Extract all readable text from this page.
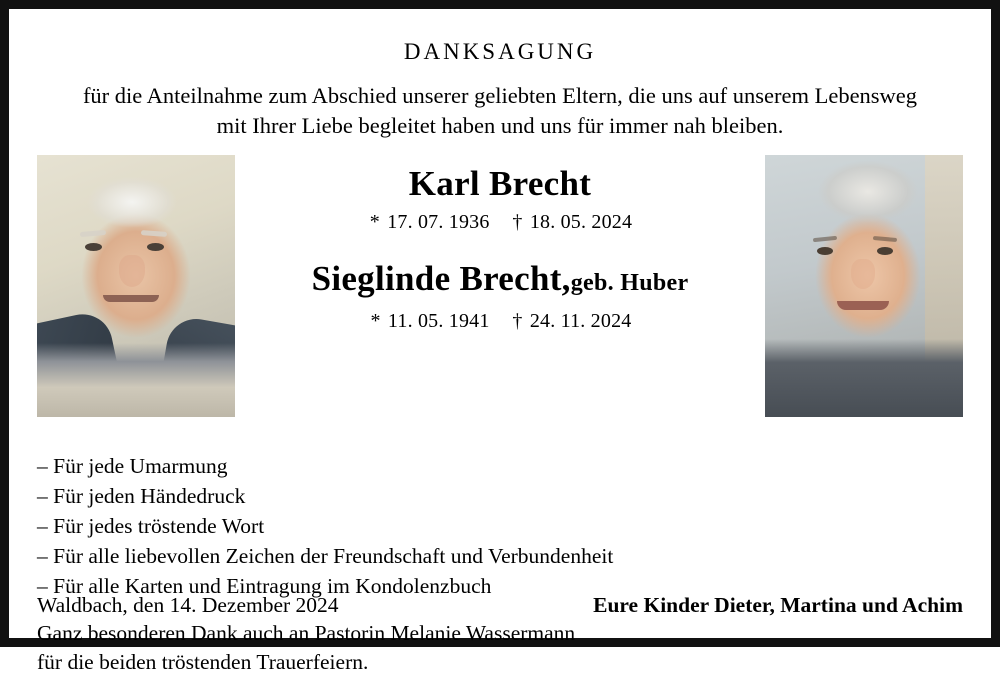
DANKSAGUNG
für die Anteilnahme zum Abschied unserer geliebten Eltern, die uns auf unserem Lebensweg
mit Ihrer Liebe begleitet haben und uns für immer nah bleiben.
Karl Brecht
* 17. 07. 1936 † 18. 05. 2024
Sieglinde Brecht,geb. Huber
* 11. 05. 1941 † 24. 11. 2024
– Für jede Umarmung
– Für jeden Händedruck
– Für jedes tröstende Wort
– Für alle liebevollen Zeichen der Freundschaft und Verbundenheit
– Für alle Karten und Eintragung im Kondolenzbuch
Ganz besonderen Dank auch an Pastorin Melanie Wassermann
für die beiden tröstenden Trauerfeiern.
Waldbach, den 14. Dezember 2024	Eure Kinder Dieter, Martina und Achim
